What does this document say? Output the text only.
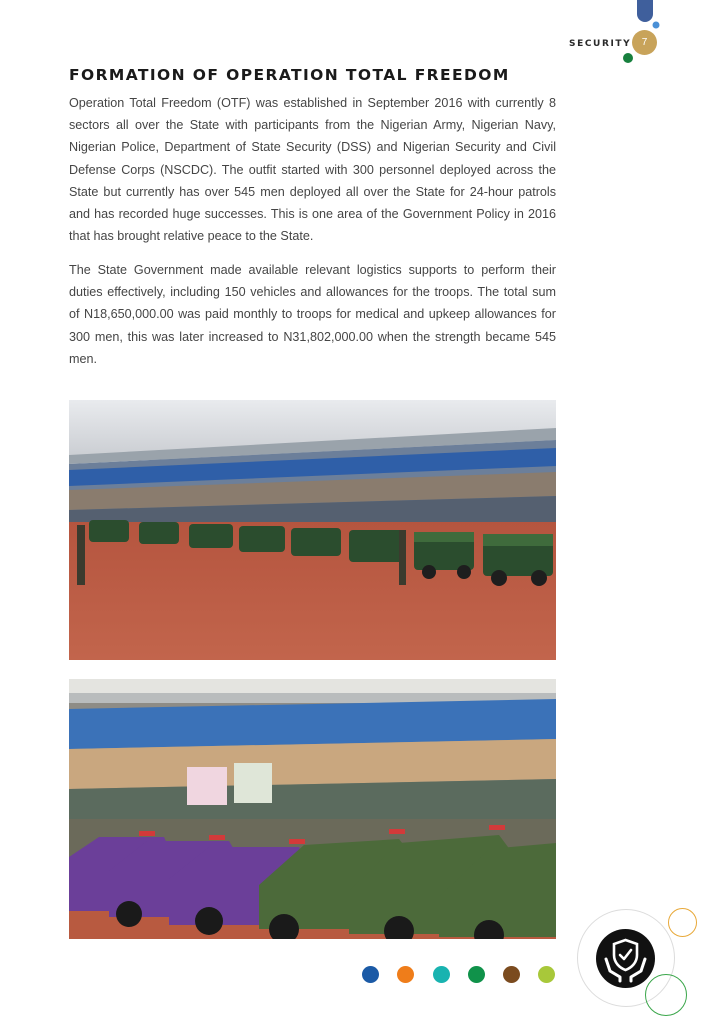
SECURITY	7
FORMATION OF OPERATION TOTAL FREEDOM

Operation Total Freedom (OTF) was established in September 2016 with currently 8 sectors all over the State with participants from the Nigerian Army, Nigerian Navy, Nigerian Police, Department of State Security (DSS) and Nigerian Security and Civil Defense Corps (NSCDC). The outfit started with 300 personnel deployed across the State but currently has over 545 men deployed all over the State for 24-hour patrols and has recorded huge successes. This is one area of the Government Policy in 2016 that has brought relative peace to the State.

The State Government made available relevant logistics supports to perform their duties effectively, including 150 vehicles and allowances for the troops. The total sum of N18,650,000.00 was paid monthly to troops for medical and upkeep allowances for 300 men, this was later increased to N31,802,000.00 when the strength became 545 men.
